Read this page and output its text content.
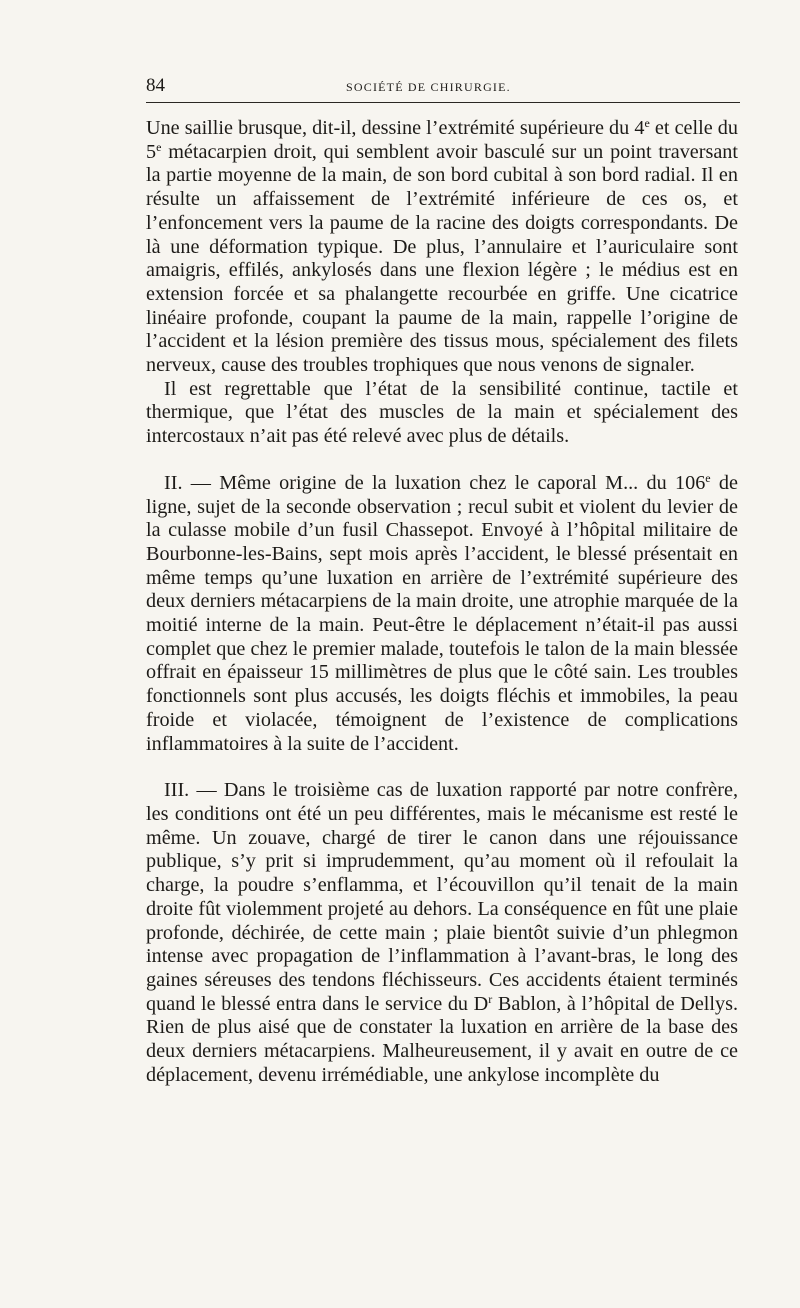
84	SOCIÉTÉ DE CHIRURGIE.

Une saillie brusque, dit-il, dessine l’extrémité supérieure du 4e et celle du 5e métacarpien droit, qui semblent avoir basculé sur un point traversant la partie moyenne de la main, de son bord cubital à son bord radial. Il en résulte un affaissement de l’extrémité inférieure de ces os, et l’enfoncement vers la paume de la racine des doigts correspondants. De là une déformation typique. De plus, l’annulaire et l’auriculaire sont amaigris, effilés, ankylosés dans une flexion légère ; le médius est en extension forcée et sa phalangette recourbée en griffe. Une cicatrice linéaire profonde, coupant la paume de la main, rappelle l’origine de l’accident et la lésion première des tissus mous, spécialement des filets nerveux, cause des troubles trophiques que nous venons de signaler.

Il est regrettable que l’état de la sensibilité continue, tactile et thermique, que l’état des muscles de la main et spécialement des intercostaux n’ait pas été relevé avec plus de détails.

II. — Même origine de la luxation chez le caporal M... du 106e de ligne, sujet de la seconde observation ; recul subit et violent du levier de la culasse mobile d’un fusil Chassepot. Envoyé à l’hôpital militaire de Bourbonne-les-Bains, sept mois après l’accident, le blessé présentait en même temps qu’une luxation en arrière de l’extrémité supérieure des deux derniers métacarpiens de la main droite, une atrophie marquée de la moitié interne de la main. Peut-être le déplacement n’était-il pas aussi complet que chez le premier malade, toutefois le talon de la main blessée offrait en épaisseur 15 millimètres de plus que le côté sain. Les troubles fonctionnels sont plus accusés, les doigts fléchis et immobiles, la peau froide et violacée, témoignent de l’existence de complications inflammatoires à la suite de l’accident.

III. — Dans le troisième cas de luxation rapporté par notre confrère, les conditions ont été un peu différentes, mais le mécanisme est resté le même. Un zouave, chargé de tirer le canon dans une réjouissance publique, s’y prit si imprudemment, qu’au moment où il refoulait la charge, la poudre s’enflamma, et l’écouvillon qu’il tenait de la main droite fût violemment projeté au dehors. La conséquence en fût une plaie profonde, déchirée, de cette main ; plaie bientôt suivie d’un phlegmon intense avec propagation de l’inflammation à l’avant-bras, le long des gaines séreuses des tendons fléchisseurs. Ces accidents étaient terminés quand le blessé entra dans le service du $D^r$ Bablon, à l’hôpital de Dellys. Rien de plus aisé que de constater la luxation en arrière de la base des deux derniers métacarpiens. Malheureusement, il y avait en outre de ce déplacement, devenu irrémédiable, une ankylose incomplète du
